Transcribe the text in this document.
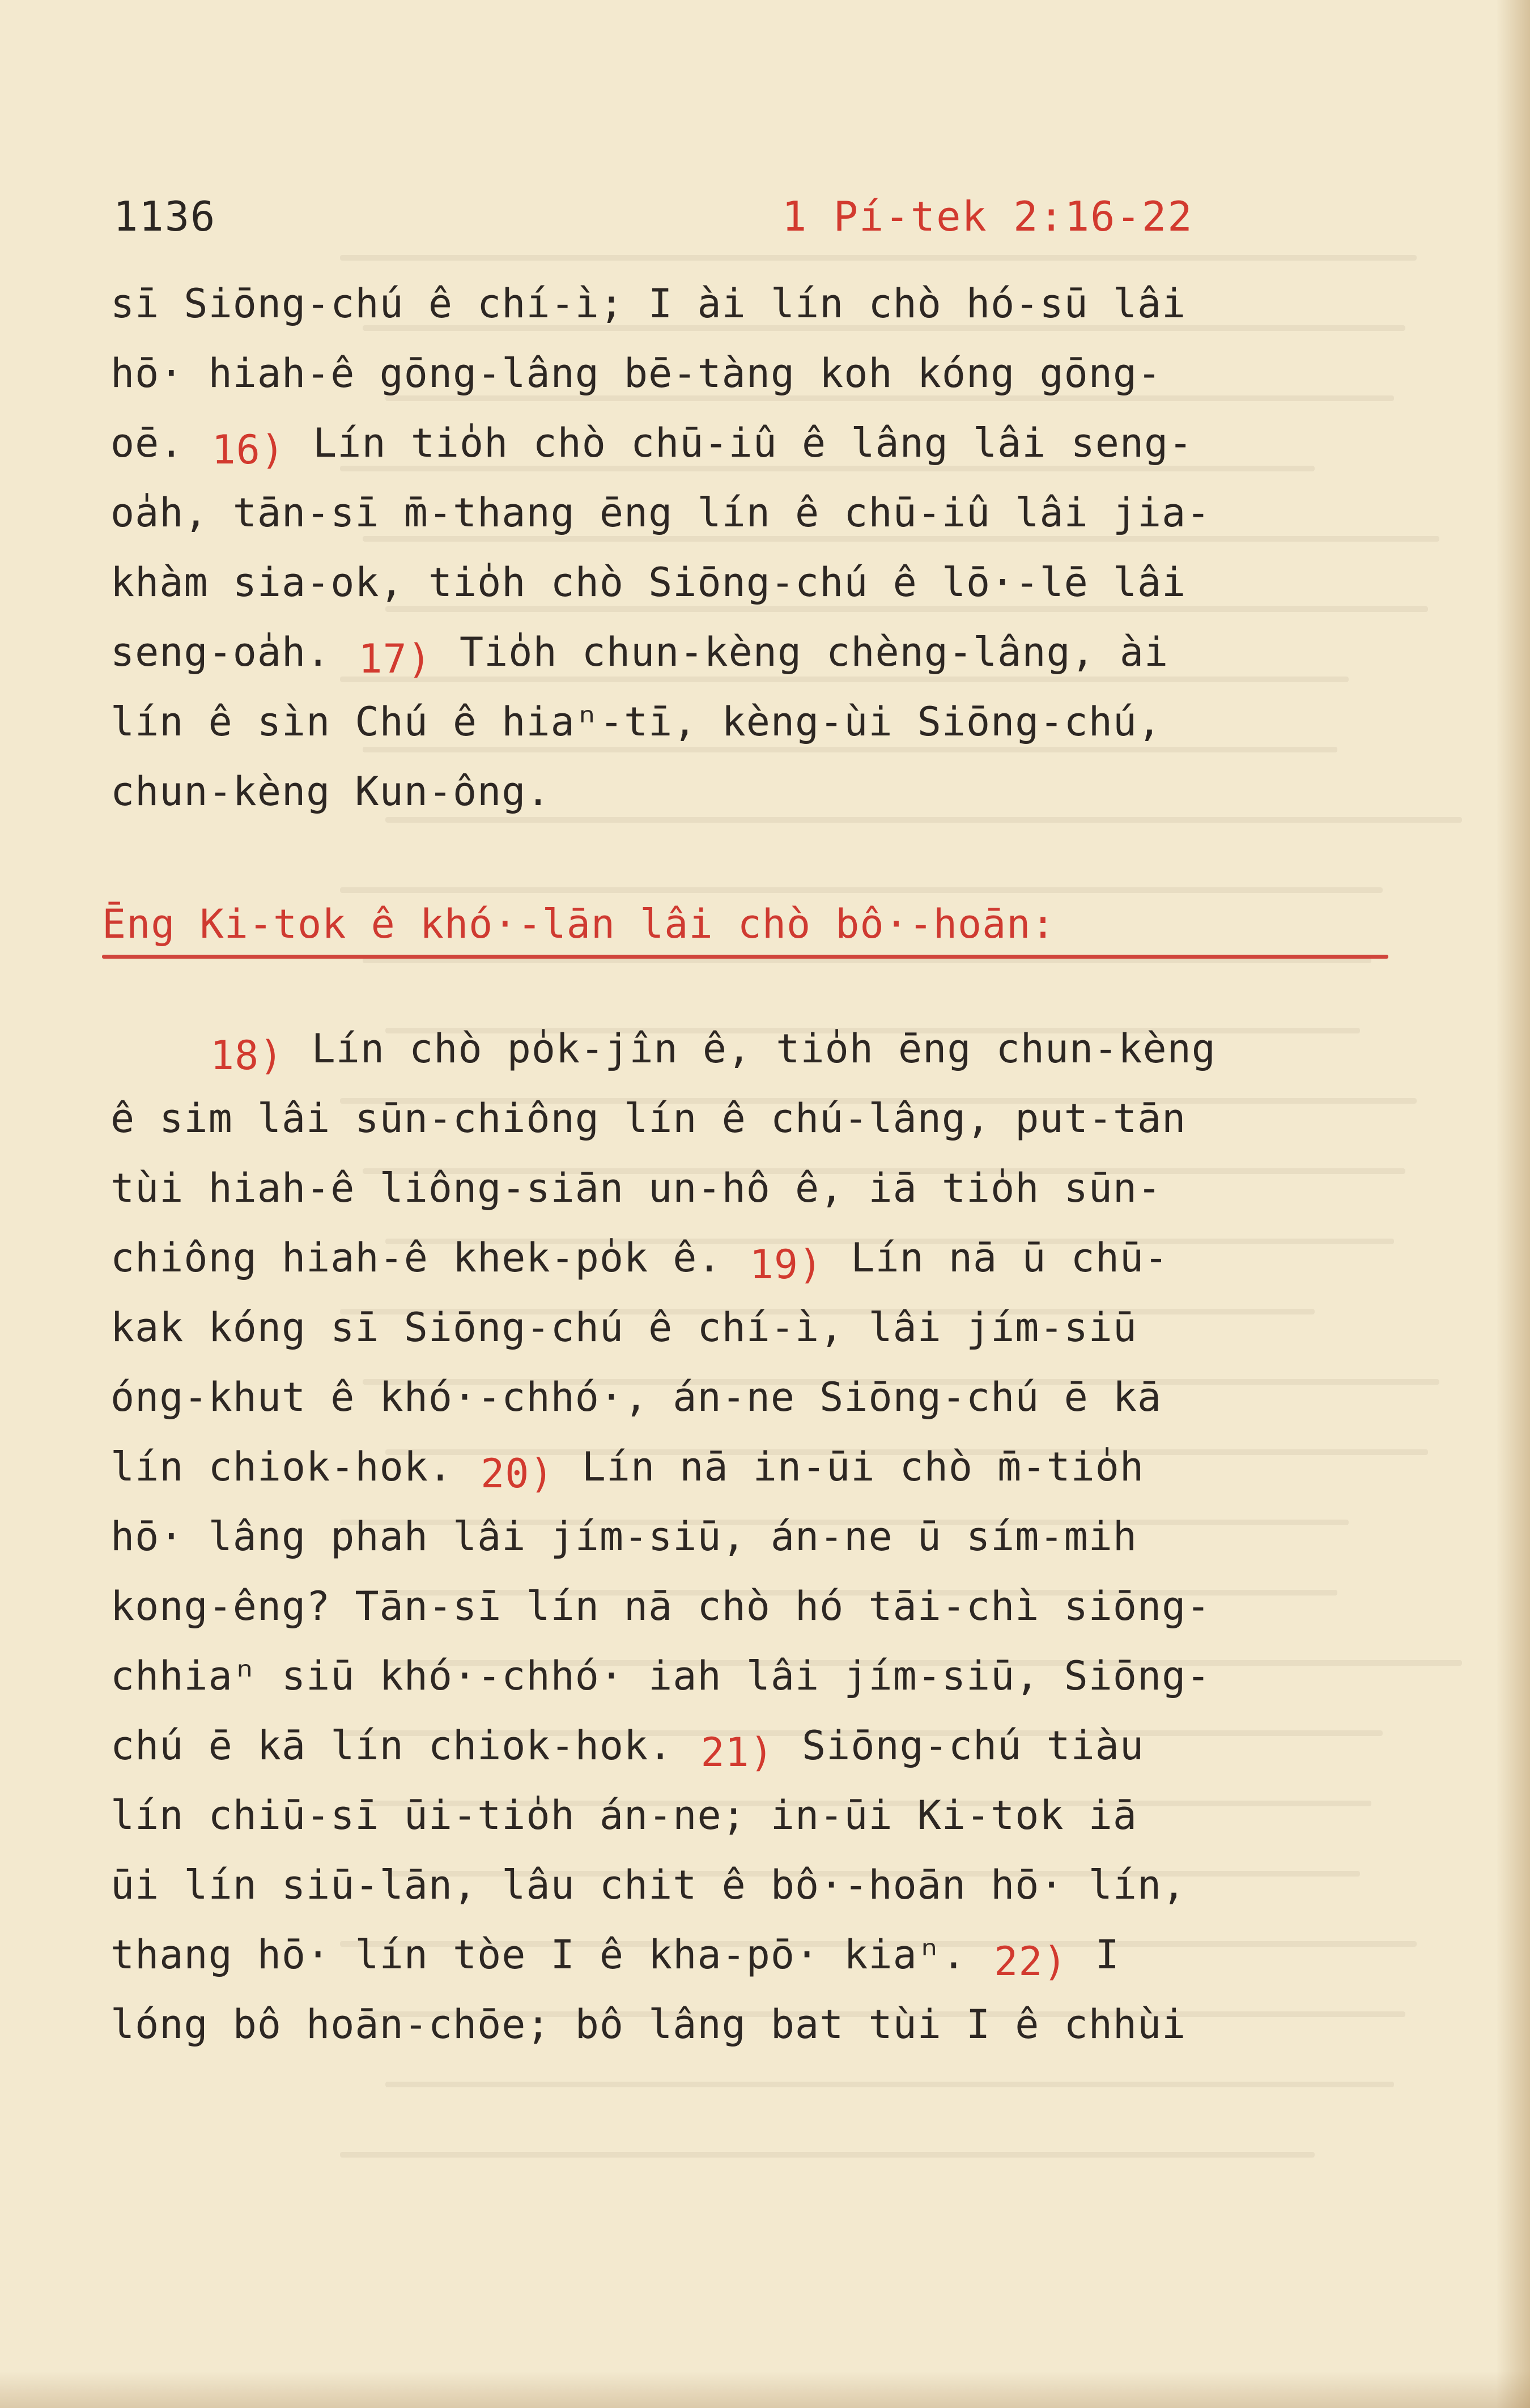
1136	1 Pí-tek 2:16-22
sī Siōng-chú ê chí-ì; I ài lín chò hó-sū lâi
hō· hiah-ê gōng-lâng bē-tàng koh kóng gōng-
oē. 16) Lín tio̍h chò chū-iû ê lâng lâi seng-
oa̍h, tān-sī m̄-thang ēng lín ê chū-iû lâi jia-
khàm sia-ok, tio̍h chò Siōng-chú ê lō·-lē lâi
seng-oa̍h. 17) Tio̍h chun-kèng chèng-lâng, ài
lín ê sìn Chú ê hiaⁿ-tī, kèng-ùi Siōng-chú,
chun-kèng Kun-ông.
Ēng Ki-tok ê khó·-lān lâi chò bô·-hoān:
18) Lín chò po̍k-jîn ê, tio̍h ēng chun-kèng
ê sim lâi sūn-chiông lín ê chú-lâng, put-tān
tùi hiah-ê liông-siān un-hô ê, iā tio̍h sūn-
chiông hiah-ê khek-po̍k ê. 19) Lín nā ū chū-
kak kóng sī Siōng-chú ê chí-ì, lâi jím-siū
óng-khut ê khó·-chhó·, án-ne Siōng-chú ē kā
lín chiok-hok. 20) Lín nā in-ūi chò m̄-tio̍h
hō· lâng phah lâi jím-siū, án-ne ū sím-mih
kong-êng? Tān-sī lín nā chò hó tāi-chì siōng-
chhiaⁿ siū khó·-chhó· iah lâi jím-siū, Siōng-
chú ē kā lín chiok-hok. 21) Siōng-chú tiàu
lín chiū-sī ūi-tio̍h án-ne; in-ūi Ki-tok iā
ūi lín siū-lān, lâu chit ê bô·-hoān hō· lín,
thang hō· lín tòe I ê kha-pō· kiaⁿ. 22) I
lóng bô hoān-chōe; bô lâng bat tùi I ê chhùi
